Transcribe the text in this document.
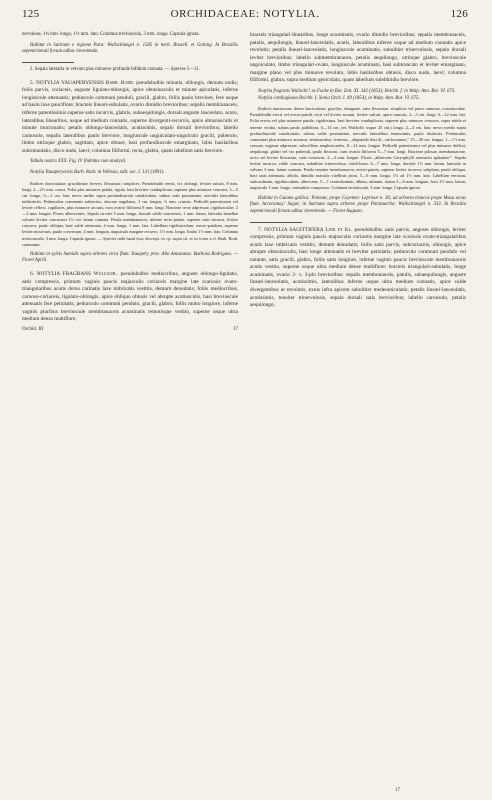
125	ORCHIDACEAE: NOTYLIA.	126

nervulose, 1¾ mm. longo, 1⅓ mm. lato. Columna trectiuscula, 3 mm. longa. Capsula ignota.

Habitat in Surinam e regione Para: Wullschlaegel n. 1585 in herb. Bruxell. et Gotting. In Brasiliis septentrionali forsan adhuc inveniendo.

2. Sepala lateralia in velvum plus minusve profunde bifidum connata. — Species 5—11.

5. NOTYLIA YAUAPERYENSIS Barb. Rodr. pseudobulbis minutis, oblongis, demum nudis; foliis parvis, coriaceis, anguste ligulato-oblongis, apice obtusiusculis et minute apiculatis, inferne longiuscule attenuatis; pedunculo communi penduli, gracili, glabro, foliis paulo breviore, fere usque ad basin laxe pauciflore; bracteis lineari-subulatis, ovario dimidio brevioribus; sepalis membranaceis, inferne patentissimis superne satis incurvis, glabris, subaequilongis, dorsali anguste lanceolato, acuto, lateralibus linearibus, usque ad medium connatis, superne divergenti-recurvis, apice obtusiusculis et minute mucronatis; petalis oblongo-lanceolatis, acutissimis, sepalo dorsali brevioribus; labello carnosulo, sepalis lateralibus paulo breviore, longiuscule unguiculato-unguiculo gracili, puberulo, limbo utrinque glabro, sagittato, apice obtuse, basi profundiuscule emarginato, lobis basilaribus subrotundatis, disco nudo, laevi; columna filiformi, recta, glabra, quam labellum satis breviore.

Tabula nostra XXX. Fig. IV (habitus cum analysi).

Notylia Yauaperyensis Barb. Rodr. in Vellosia, edit. sec. I. 131 (1891).

Radices fasciculatae, graciliimae, breves, flexuosae, simplices. Pseudobulbi erecti, vix oblongi, leviter sulcati, 8 mm. longi, 2—2½ mm. crassi. Folia plus minusve patula, rigida, basi breviter conduplicata, superne plus minusve concava, 3—5 cm. longa, ⅓—1 cm. lata, nervo medio supra profundiuscule canaliculato, subtus satis prominente, nervulis lateralibus indistinctis. Pedunculus communis subrectus, obscure angulatus, 3 cm. longus, ¾ mm. crassus. Pedicelli patentissimi vel leviter reflexi, capillares, plus minusve arcuati, cum ovario filiformi 8 mm. longi. Bracteae recte adpressae, rigidiusculae, 2—3 mm. longae. Flores albescentes. Sepala circiter 5 mm. longa, dorsale valde concavum, 1 mm. latum, lateralia lamellae valvam leviter concavum 1½ cm. latum connata. Petala membranacea, inferne recto-patula, superne satis incurva, leviter concava, paulo obliqua, basi valde attenuata, 4 mm. longa, 1 mm. lata. Labellum rigidiusculum, erecto-patulum, superne leviter incurvum, paulo convexum, 4 mm. longum, unguiculo margine recurvo, 1½ mm. longo, limbo 1½ mm. lato. Columna tresticuscula, 3 mm. longa. Capsula ignota. — Species mihi haud visa; descript. ex cp. supra cit. et ex icone a cl. Barb. Rodr. communic.

Habitat in sylvis humidis supra arbores circa flum. Yauapery prov. Alto Amazonas: Barbosa Rodrigues. — Floret Aprili.

6. NOTYLIA FRAGRANS Wullschl. pseudobulbis mediocribus, anguste oblongo-ligulatis, satis compressis, primum vaginis paucis majusculis coriaceis margine late scariosis ovato-triangularibus acutis dorso carinatis laxe imbricatis vestitis, demum denudatis; foliis mediocribus, carnoso-coriaceis, ligulato-oblongis, apice obliquo obtusis vel abrupte acutiusculis, basi breviuscule attenuatis fere petiolatis; pedunculo communi pendulo, gracili, glabro, foliis multo longiore, inferne vaginis pluribus breviuscule membranaceis acuminatis remotisque vestito, superne usque ultra medium densa multiflore;

Orchid. III	17

bracteis triangulari-linearibus, longe acuminatis, ovario dimidio brevioribus; sepalis membranaceis, patulis, aequilongis, lineari-lanceolatis, acutis, lateralibus inferne usque ad medium connatis apice revolutis; petalis lineari-lanceolatis, longiuscule acuminatis, subulitier trinervulosis, sepalo dorsali leviter brevioribus; labello submembranaceo, petalis aequilongo, utrinque glabro, breviuscule unguiculato, limbo triangulari-ovato, longiuscule acuminato, basi subtruncato et leviter emarginato, margine plano vel plus minusve revoluto, lobis basilaribus obtusis, disco nudo, laevi; columna filiformi, glabra, supra medium geniculata, quam labellum subdimidio breviore.

Notylia fragrans Wullschl.! ex Focke in Bot. Zeit. XI. 342 (1853); Reichb. f. in Walp. Ann. Bot. VI. 673.

Notylia cardioglossa Reichb. f. Xenia Orch. I. 49 (1854), in Walp. Ann. Bot. VI. 675.

Radices numerosae, dense fasciculatae, graciles, elongatae, satis flexuosae, simplices vel parce ramosae, crassiusculae. Pseudobulbi erecti vel erecto-patuli, recti vel leviter arcuati, leviter sulcati, apice truncati, 2—3 cm. longi, 6—12 mm. lati. Folia erecta vel plus minusve patula, rigidissima, basi breviter conduplicata, superne plus minusve concava, supra nitida et intense viridia, subtus paulo pallidiora, 6—14 cm. (ex Wullschl. usque 25 cm.) longa, 2—4 cm. lata; nervo medio supra profundiuscule canaliculato, subtus valde prominente, nervulis lateralibus tenuissimis, paulo distinctis. Pedunculus communis plus minusve arcuatus, teretiusculus, cinereus, „aliquando basi di—trichotomus,” 15—30 cm. longus, 1—1½ mm. crassus; vaginae adpressae, subcollitae amplexicaules, 8—12 mm. longae. Pedicelli patentissimi vel plus minusve deflexi, aequilongi, glabri vel vix puberuli, paulo flexuosi, cum ovario filiformi 5—7 mm. longi. Bracteae pilosae, membranaceae, recto vel leviter flexuosae, satis concavae, 2—4 mm. longae. Flores „albescens Caryophylli aromatici aplianiter”. Sepala leviter incurva, valde concava, subulitier trinervulosa, viridi-lutea, 6—7 mm. longa, dorsale 1½ mm. latum, lateralia in valvam 3 mm. latum connata. Petala tenuiter membranacea, erecto-patula, superne leviter incurva, subplana, paulo obliqua, basi satis attenuata, albida, dimidio maculis vitellinis picta, 5—6 mm. longa, 1⅓ ad 1½ mm. lata. Labellum erectum, subcordatum, rigidiusculum, albescens, 5—7 ceratodontum, album, attinum, totum 5—6 mm. longum, basi 2½ mm. latum, unguiculo 1 mm. longo, ventraliter compresso. Columna teretiuscula, 3 mm. longa. Capsula ignota.

Habitat in Guiana gallica: Poitean; prope Cayenne: Leprieur n. 36; ad arbores truncos prope Musa secus flum. Accerumay: Sagot; in Surinam supra arbores prope Paramaribo: Wullschlaegel n. 333. In Brasilia septentrionali forsan adhuc inveniendo. — Floret Augusto.

7. NOTYLIA SAGITTIFERA Link et Kl. pseudobulbis satis parvis, anguste oblongis, leviter compressis, primum vaginis paucis majusculis coriaceis margine late scariosis ovato-triangularibus acutis laxe imbricatis vestitis, demum denudatis; foliis satis parvis, subcoriaceis, oblongis, apice abrupte obtusiusculis, basi longe attenuatis et breviter petiolatis; pedunculo communi pendulo vel nutante, satis gracili, glabro, foliis satis longiore, inferne vaginis paucis breviuscule membranaceis acutis vestito, superne usque ultra medium dense multiflore; bracteis triangulari-subulatis, longe acuminatis, ovario 2- v. 3-plo brevioribus; sepalis membranaceis, patulis, subaequilongis, anguste lineari-lanceolatis, acutissimis, lateralibus inferne usque ultra medium connatis, apice valde divergentibus et revolutis, extus infra apicem subulitier medeonticulatis; petalis lineari-lanceolatis, acutissimis, tenuiter trinervulosis, sepalo dorsali satis brevioribus; labello carnosulo, petalis aequilongo,

17
